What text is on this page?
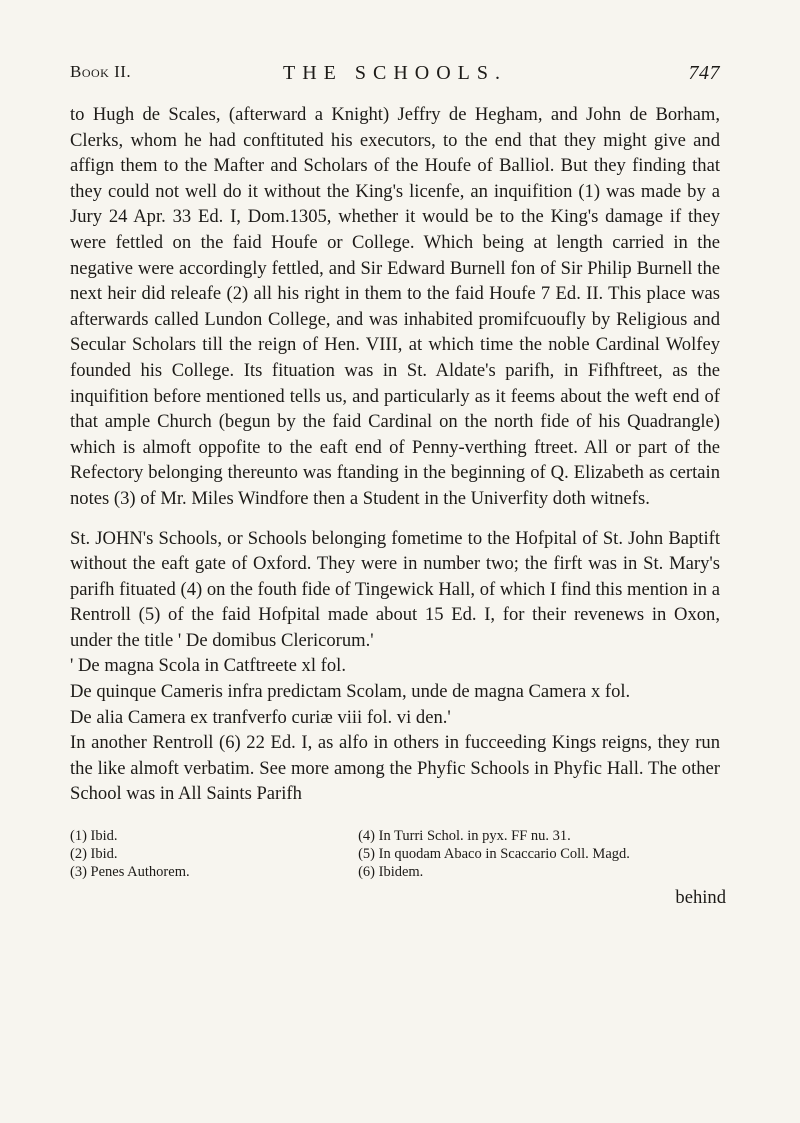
Book II.	THE SCHOOLS.	747

to Hugh de Scales, (afterward a Knight) Jeffry de Hegham, and John de Borham, Clerks, whom he had conftituted his executors, to the end that they might give and affign them to the Mafter and Scholars of the Houfe of Balliol. But they finding that they could not well do it without the King's licenfe, an inquifition (1) was made by a Jury 24 Apr. 33 Ed. I, Dom.1305, whether it would be to the King's damage if they were fettled on the faid Houfe or College. Which being at length carried in the negative were accordingly fettled, and Sir Edward Burnell fon of Sir Philip Burnell the next heir did releafe (2) all his right in them to the faid Houfe 7 Ed. II. This place was afterwards called Lundon College, and was inhabited promifcuoufly by Religious and Secular Scholars till the reign of Hen. VIII, at which time the noble Cardinal Wolfey founded his College. Its fituation was in St. Aldate's parifh, in Fifhftreet, as the inquifition before mentioned tells us, and particularly as it feems about the weft end of that ample Church (begun by the faid Cardinal on the north fide of his Quadrangle) which is almoft oppofite to the eaft end of Penny-verthing ftreet. All or part of the Refectory belonging thereunto was ftanding in the beginning of Q. Elizabeth as certain notes (3) of Mr. Miles Windfore then a Student in the Univerfity doth witnefs.

St. JOHN's Schools, or Schools belonging fometime to the Hofpital of St. John Baptift without the eaft gate of Oxford. They were in number two; the firft was in St. Mary's parifh fituated (4) on the fouth fide of Tingewick Hall, of which I find this mention in a Rentroll (5) of the faid Hofpital made about 15 Ed. I, for their revenews in Oxon, under the title ' De domibus Clericorum.'

' De magna Scola in Catftreete xl fol.

De quinque Cameris infra predictam Scolam, unde de magna Camera x fol.

De alia Camera ex tranfverfo curiæ viii fol. vi den.'

In another Rentroll (6) 22 Ed. I, as alfo in others in fucceeding Kings reigns, they run the like almoft verbatim. See more among the Phyfic Schools in Phyfic Hall. The other School was in All Saints Parifh

(1) Ibid.
(2) Ibid.
(3) Penes Authorem.
(4) In Turri Schol. in pyx. FF nu. 31.
(5) In quodam Abaco in Scaccario Coll. Magd.
(6) Ibidem.
behind
